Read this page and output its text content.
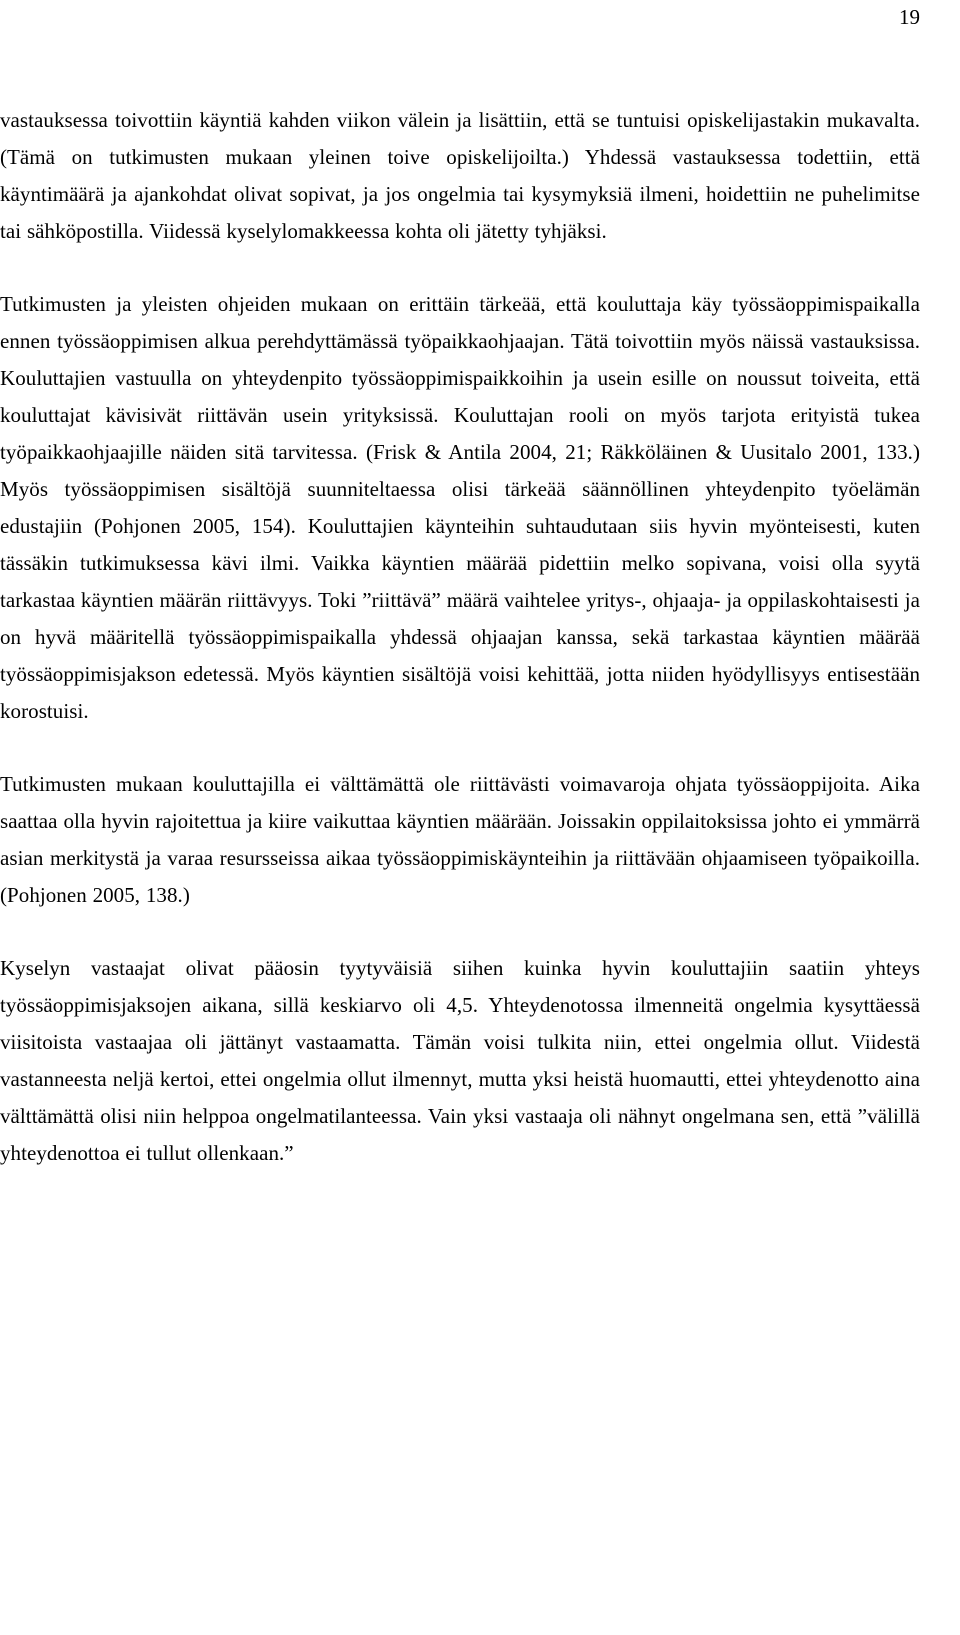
19

vastauksessa toivottiin käyntiä kahden viikon välein ja lisättiin, että se tuntuisi opiskelijastakin mukavalta. (Tämä on tutkimusten mukaan yleinen toive opiskelijoilta.) Yhdessä vastauksessa todettiin, että käyntimäärä ja ajankohdat olivat sopivat, ja jos ongelmia tai kysymyksiä ilmeni, hoidettiin ne puhelimitse tai sähköpostilla. Viidessä kyselylomakkeessa kohta oli jätetty tyhjäksi.

Tutkimusten ja yleisten ohjeiden mukaan on erittäin tärkeää, että kouluttaja käy työssäoppimispaikalla ennen työssäoppimisen alkua perehdyttämässä työpaikkaohjaajan. Tätä toivottiin myös näissä vastauksissa. Kouluttajien vastuulla on yhteydenpito työssäoppimispaikkoihin ja usein esille on noussut toiveita, että kouluttajat kävisivät riittävän usein yrityksissä. Kouluttajan rooli on myös tarjota erityistä tukea työpaikkaohjaajille näiden sitä tarvitessa. (Frisk & Antila 2004, 21; Räkköläinen & Uusitalo 2001, 133.) Myös työssäoppimisen sisältöjä suunniteltaessa olisi tärkeää säännöllinen yhteydenpito työelämän edustajiin (Pohjonen 2005, 154). Kouluttajien käynteihin suhtaudutaan siis hyvin myönteisesti, kuten tässäkin tutkimuksessa kävi ilmi. Vaikka käyntien määrää pidettiin melko sopivana, voisi olla syytä tarkastaa käyntien määrän riittävyys. Toki ”riittävä” määrä vaihtelee yritys-, ohjaaja- ja oppilaskohtaisesti ja on hyvä määritellä työssäoppimispaikalla yhdessä ohjaajan kanssa, sekä tarkastaa käyntien määrää työssäoppimisjakson edetessä. Myös käyntien sisältöjä voisi kehittää, jotta niiden hyödyllisyys entisestään korostuisi.

Tutkimusten mukaan kouluttajilla ei välttämättä ole riittävästi voimavaroja ohjata työssäoppijoita. Aika saattaa olla hyvin rajoitettua ja kiire vaikuttaa käyntien määrään. Joissakin oppilaitoksissa johto ei ymmärrä asian merkitystä ja varaa resursseissa aikaa työssäoppimiskäynteihin ja riittävään ohjaamiseen työpaikoilla. (Pohjonen 2005, 138.)

Kyselyn vastaajat olivat pääosin tyytyväisiä siihen kuinka hyvin kouluttajiin saatiin yhteys työssäoppimisjaksojen aikana, sillä keskiarvo oli 4,5. Yhteydenotossa ilmenneitä ongelmia kysyttäessä viisitoista vastaajaa oli jättänyt vastaamatta. Tämän voisi tulkita niin, ettei ongelmia ollut. Viidestä vastanneesta neljä kertoi, ettei ongelmia ollut ilmennyt, mutta yksi heistä huomautti, ettei yhteydenotto aina välttämättä olisi niin helppoa ongelmatilanteessa. Vain yksi vastaaja oli nähnyt ongelmana sen, että ”välillä yhteydenottoa ei tullut ollenkaan.”
